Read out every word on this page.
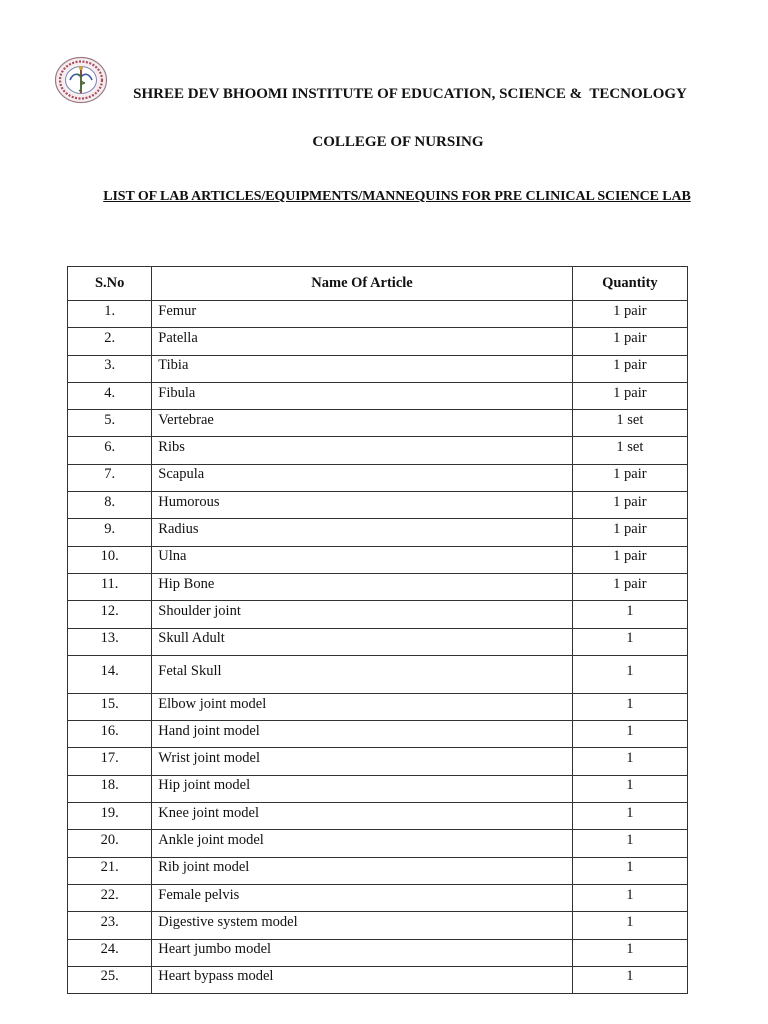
SHREE DEV BHOOMI INSTITUTE OF EDUCATION, SCIENCE &  TECNOLOGY
COLLEGE OF NURSING
LIST OF LAB ARTICLES/EQUIPMENTS/MANNEQUINS FOR PRE CLINICAL SCIENCE LAB
S.No	Name Of Article	Quantity
1.	Femur	1 pair
2.	Patella	1 pair
3.	Tibia	1 pair
4.	Fibula	1 pair
5.	Vertebrae	1 set
6.	Ribs	1 set
7.	Scapula	1 pair
8.	Humorous	1 pair
9.	Radius	1 pair
10.	Ulna	1 pair
11.	Hip Bone	1 pair
12.	Shoulder joint	1
13.	Skull Adult	1
14.	Fetal Skull	1
15.	Elbow joint model	1
16.	Hand joint model	1
17.	Wrist joint model	1
18.	Hip joint model	1
19.	Knee joint model	1
20.	Ankle joint model	1
21.	Rib joint model	1
22.	Female pelvis	1
23.	Digestive system model	1
24.	Heart jumbo model	1
25.	Heart bypass model	1
